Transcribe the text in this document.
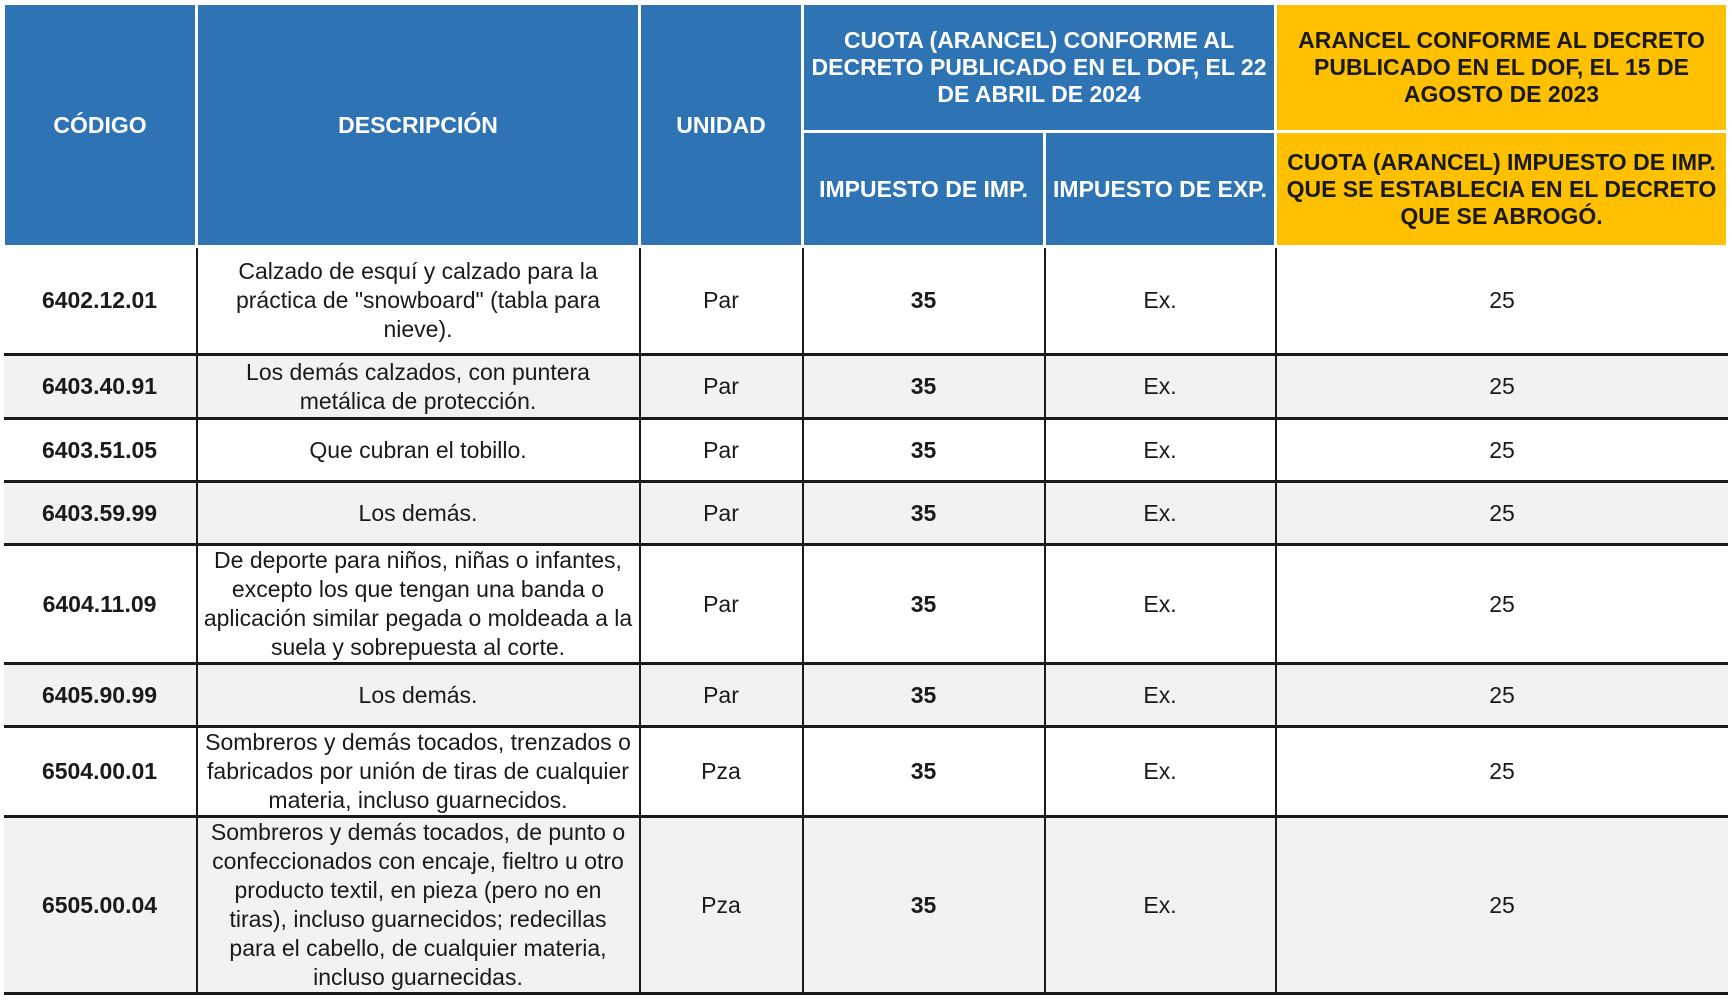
CÓDIGO	DESCRIPCIÓN	UNIDAD	CUOTA (ARANCEL) CONFORME AL DECRETO PUBLICADO EN EL DOF, EL 22 DE ABRIL DE 2024		ARANCEL CONFORME AL DECRETO PUBLICADO EN EL DOF, EL 15 DE AGOSTO DE 2023
			IMPUESTO DE IMP.	IMPUESTO DE EXP.	CUOTA (ARANCEL) IMPUESTO DE IMP. QUE SE ESTABLECIA EN EL DECRETO QUE SE ABROGÓ.
6402.12.01	Calzado de esquí y calzado para la práctica de "snowboard" (tabla para nieve).	Par	35	Ex.	25
6403.40.91	Los demás calzados, con puntera metálica de protección.	Par	35	Ex.	25
6403.51.05	Que cubran el tobillo.	Par	35	Ex.	25
6403.59.99	Los demás.	Par	35	Ex.	25
6404.11.09	De deporte para niños, niñas o infantes, excepto los que tengan una banda o aplicación similar pegada o moldeada a la suela y sobrepuesta al corte.	Par	35	Ex.	25
6405.90.99	Los demás.	Par	35	Ex.	25
6504.00.01	Sombreros y demás tocados, trenzados o fabricados por unión de tiras de cualquier materia, incluso guarnecidos.	Pza	35	Ex.	25
6505.00.04	Sombreros y demás tocados, de punto o confeccionados con encaje, fieltro u otro producto textil, en pieza (pero no en tiras), incluso guarnecidos; redecillas para el cabello, de cualquier materia, incluso guarnecidas.	Pza	35	Ex.	25
